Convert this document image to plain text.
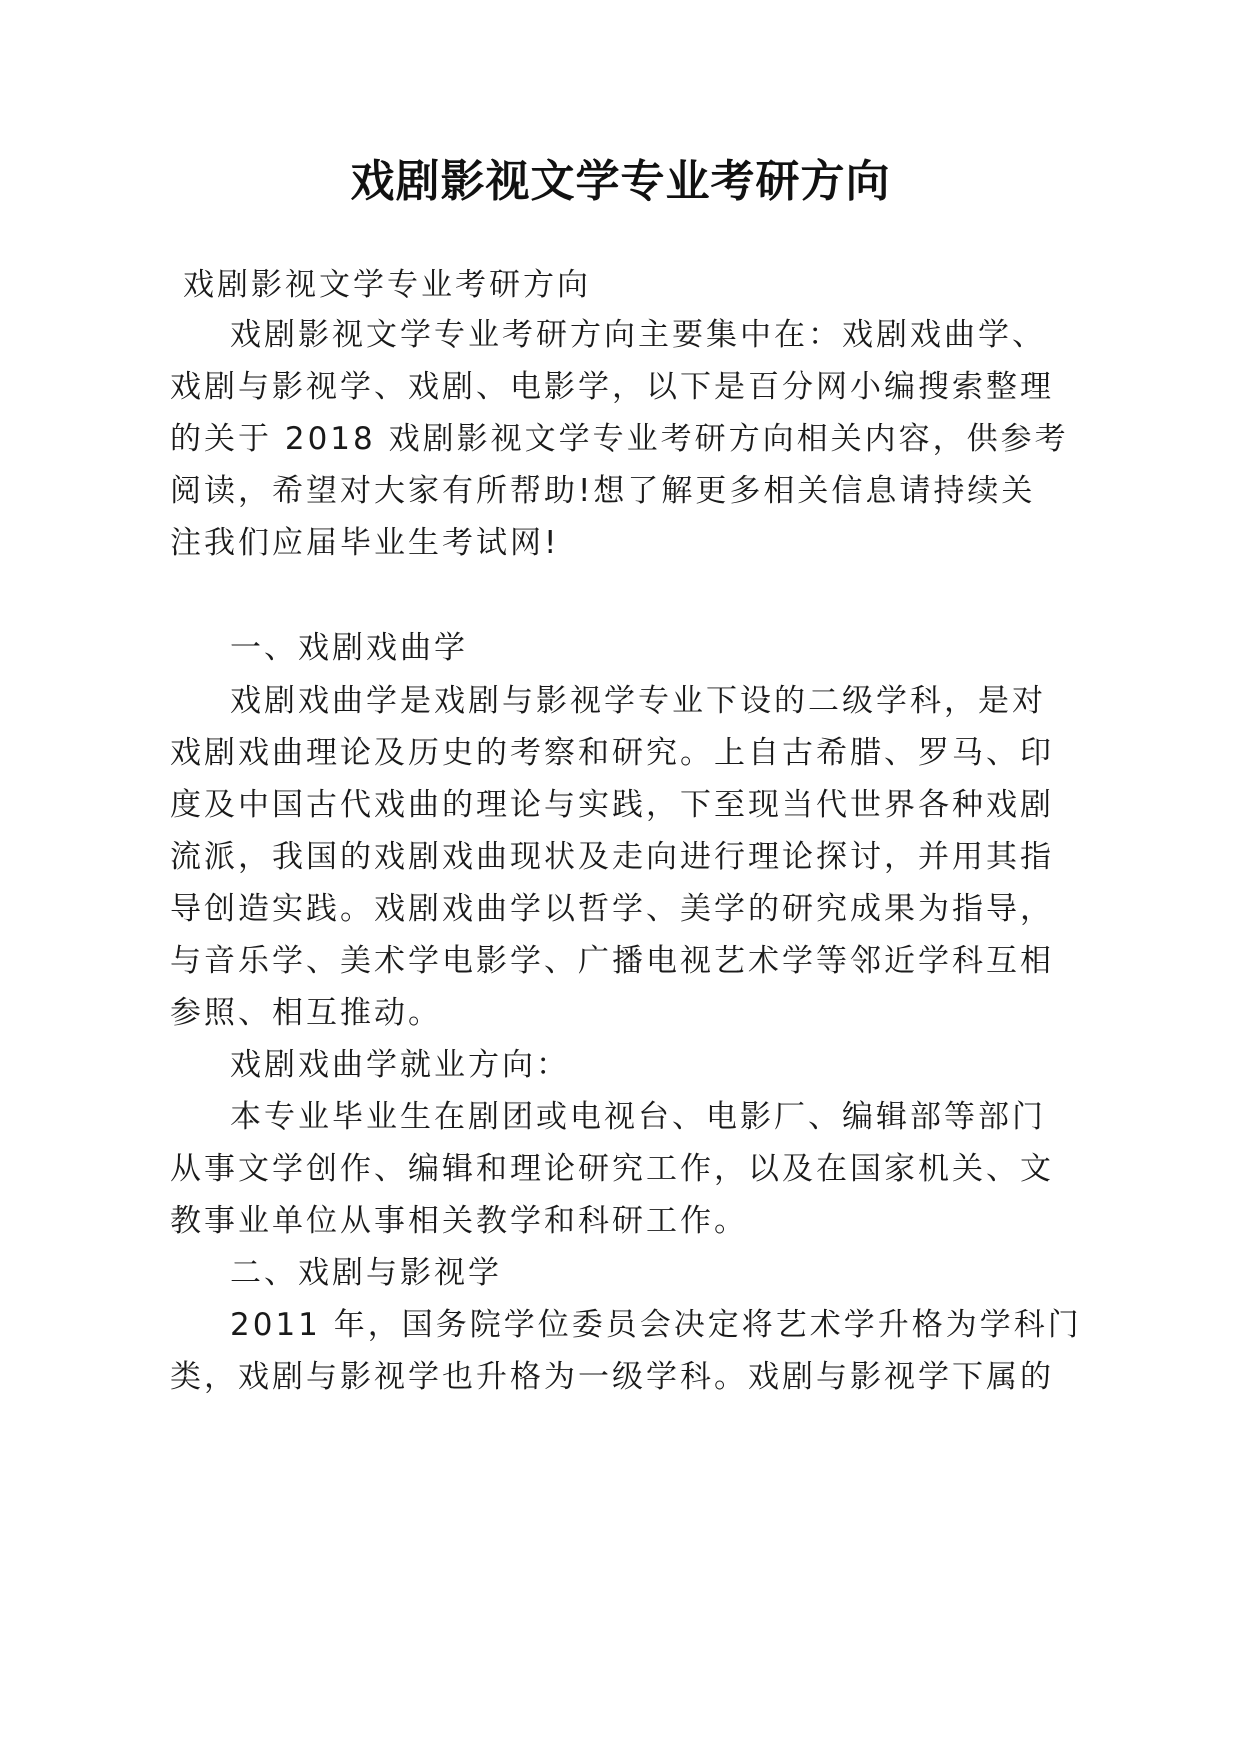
戏剧影视文学专业考研方向

戏剧影视文学专业考研方向

戏剧影视文学专业考研方向主要集中在：戏剧戏曲学、

戏剧与影视学、戏剧、电影学，以下是百分网小编搜索整理

的关于 2018 戏剧影视文学专业考研方向相关内容，供参考

阅读，希望对大家有所帮助!想了解更多相关信息请持续关

注我们应届毕业生考试网!

一、戏剧戏曲学

戏剧戏曲学是戏剧与影视学专业下设的二级学科，是对

戏剧戏曲理论及历史的考察和研究。上自古希腊、罗马、印

度及中国古代戏曲的理论与实践，下至现当代世界各种戏剧

流派，我国的戏剧戏曲现状及走向进行理论探讨，并用其指

导创造实践。戏剧戏曲学以哲学、美学的研究成果为指导，

与音乐学、美术学电影学、广播电视艺术学等邻近学科互相

参照、相互推动。

戏剧戏曲学就业方向：

本专业毕业生在剧团或电视台、电影厂、编辑部等部门

从事文学创作、编辑和理论研究工作，以及在国家机关、文

教事业单位从事相关教学和科研工作。

二、戏剧与影视学

2011 年，国务院学位委员会决定将艺术学升格为学科门

类，戏剧与影视学也升格为一级学科。戏剧与影视学下属的
